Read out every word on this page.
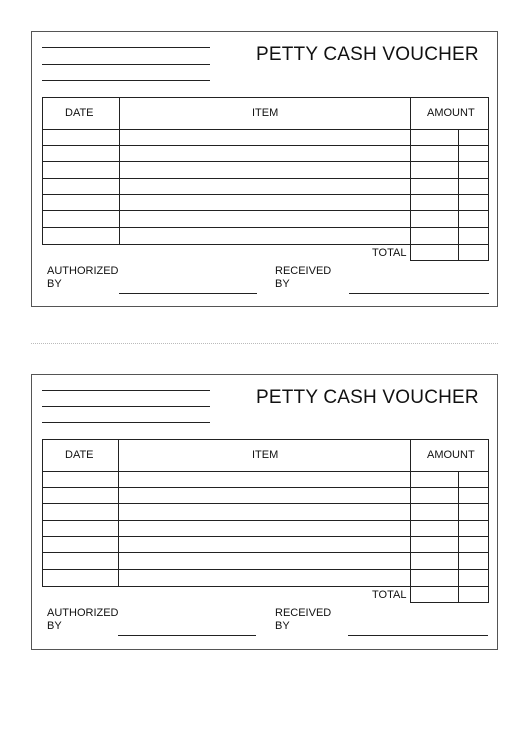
PETTY CASH VOUCHER
DATE	ITEM	AMOUNT
TOTAL
AUTHORIZED
BY
RECEIVED
BY
PETTY CASH VOUCHER
DATE	ITEM	AMOUNT
TOTAL
AUTHORIZED
BY
RECEIVED
BY
